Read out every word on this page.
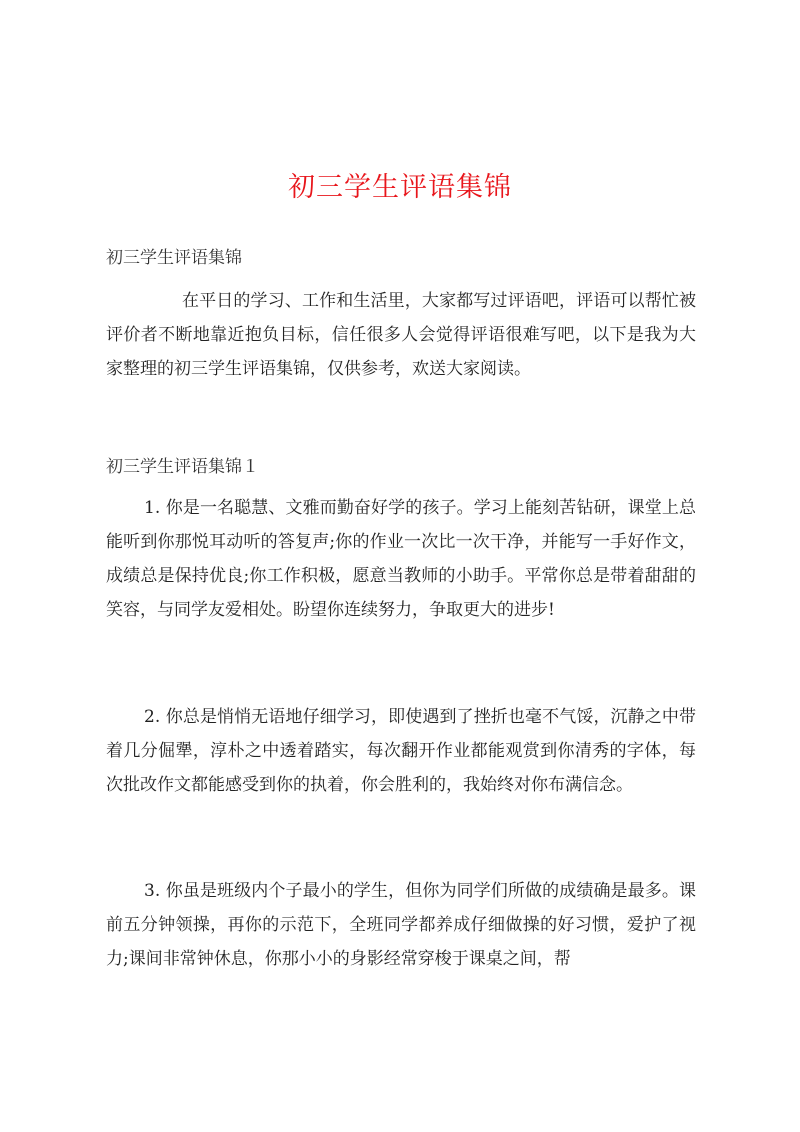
初三学生评语集锦
初三学生评语集锦

在平日的学习、工作和生活里，大家都写过评语吧，评语可以帮忙被评价者不断地靠近抱负目标，信任很多人会觉得评语很难写吧，以下是我为大家整理的初三学生评语集锦，仅供参考，欢送大家阅读。

初三学生评语集锦１

1. 你是一名聪慧、文雅而勤奋好学的孩子。学习上能刻苦钻研，课堂上总能听到你那悦耳动听的答复声;你的作业一次比一次干净，并能写一手好作文，成绩总是保持优良;你工作积极，愿意当教师的小助手。平常你总是带着甜甜的笑容，与同学友爱相处。盼望你连续努力，争取更大的进步!

2. 你总是悄悄无语地仔细学习，即使遇到了挫折也毫不气馁，沉静之中带着几分倔犟，淳朴之中透着踏实，每次翻开作业都能观赏到你清秀的字体，每次批改作文都能感受到你的执着，你会胜利的，我始终对你布满信念。

3. 你虽是班级内个子最小的学生，但你为同学们所做的成绩确是最多。课前五分钟领操，再你的示范下，全班同学都养成仔细做操的好习惯，爱护了视力;课间非常钟休息，你那小小的身影经常穿梭于课桌之间，帮
